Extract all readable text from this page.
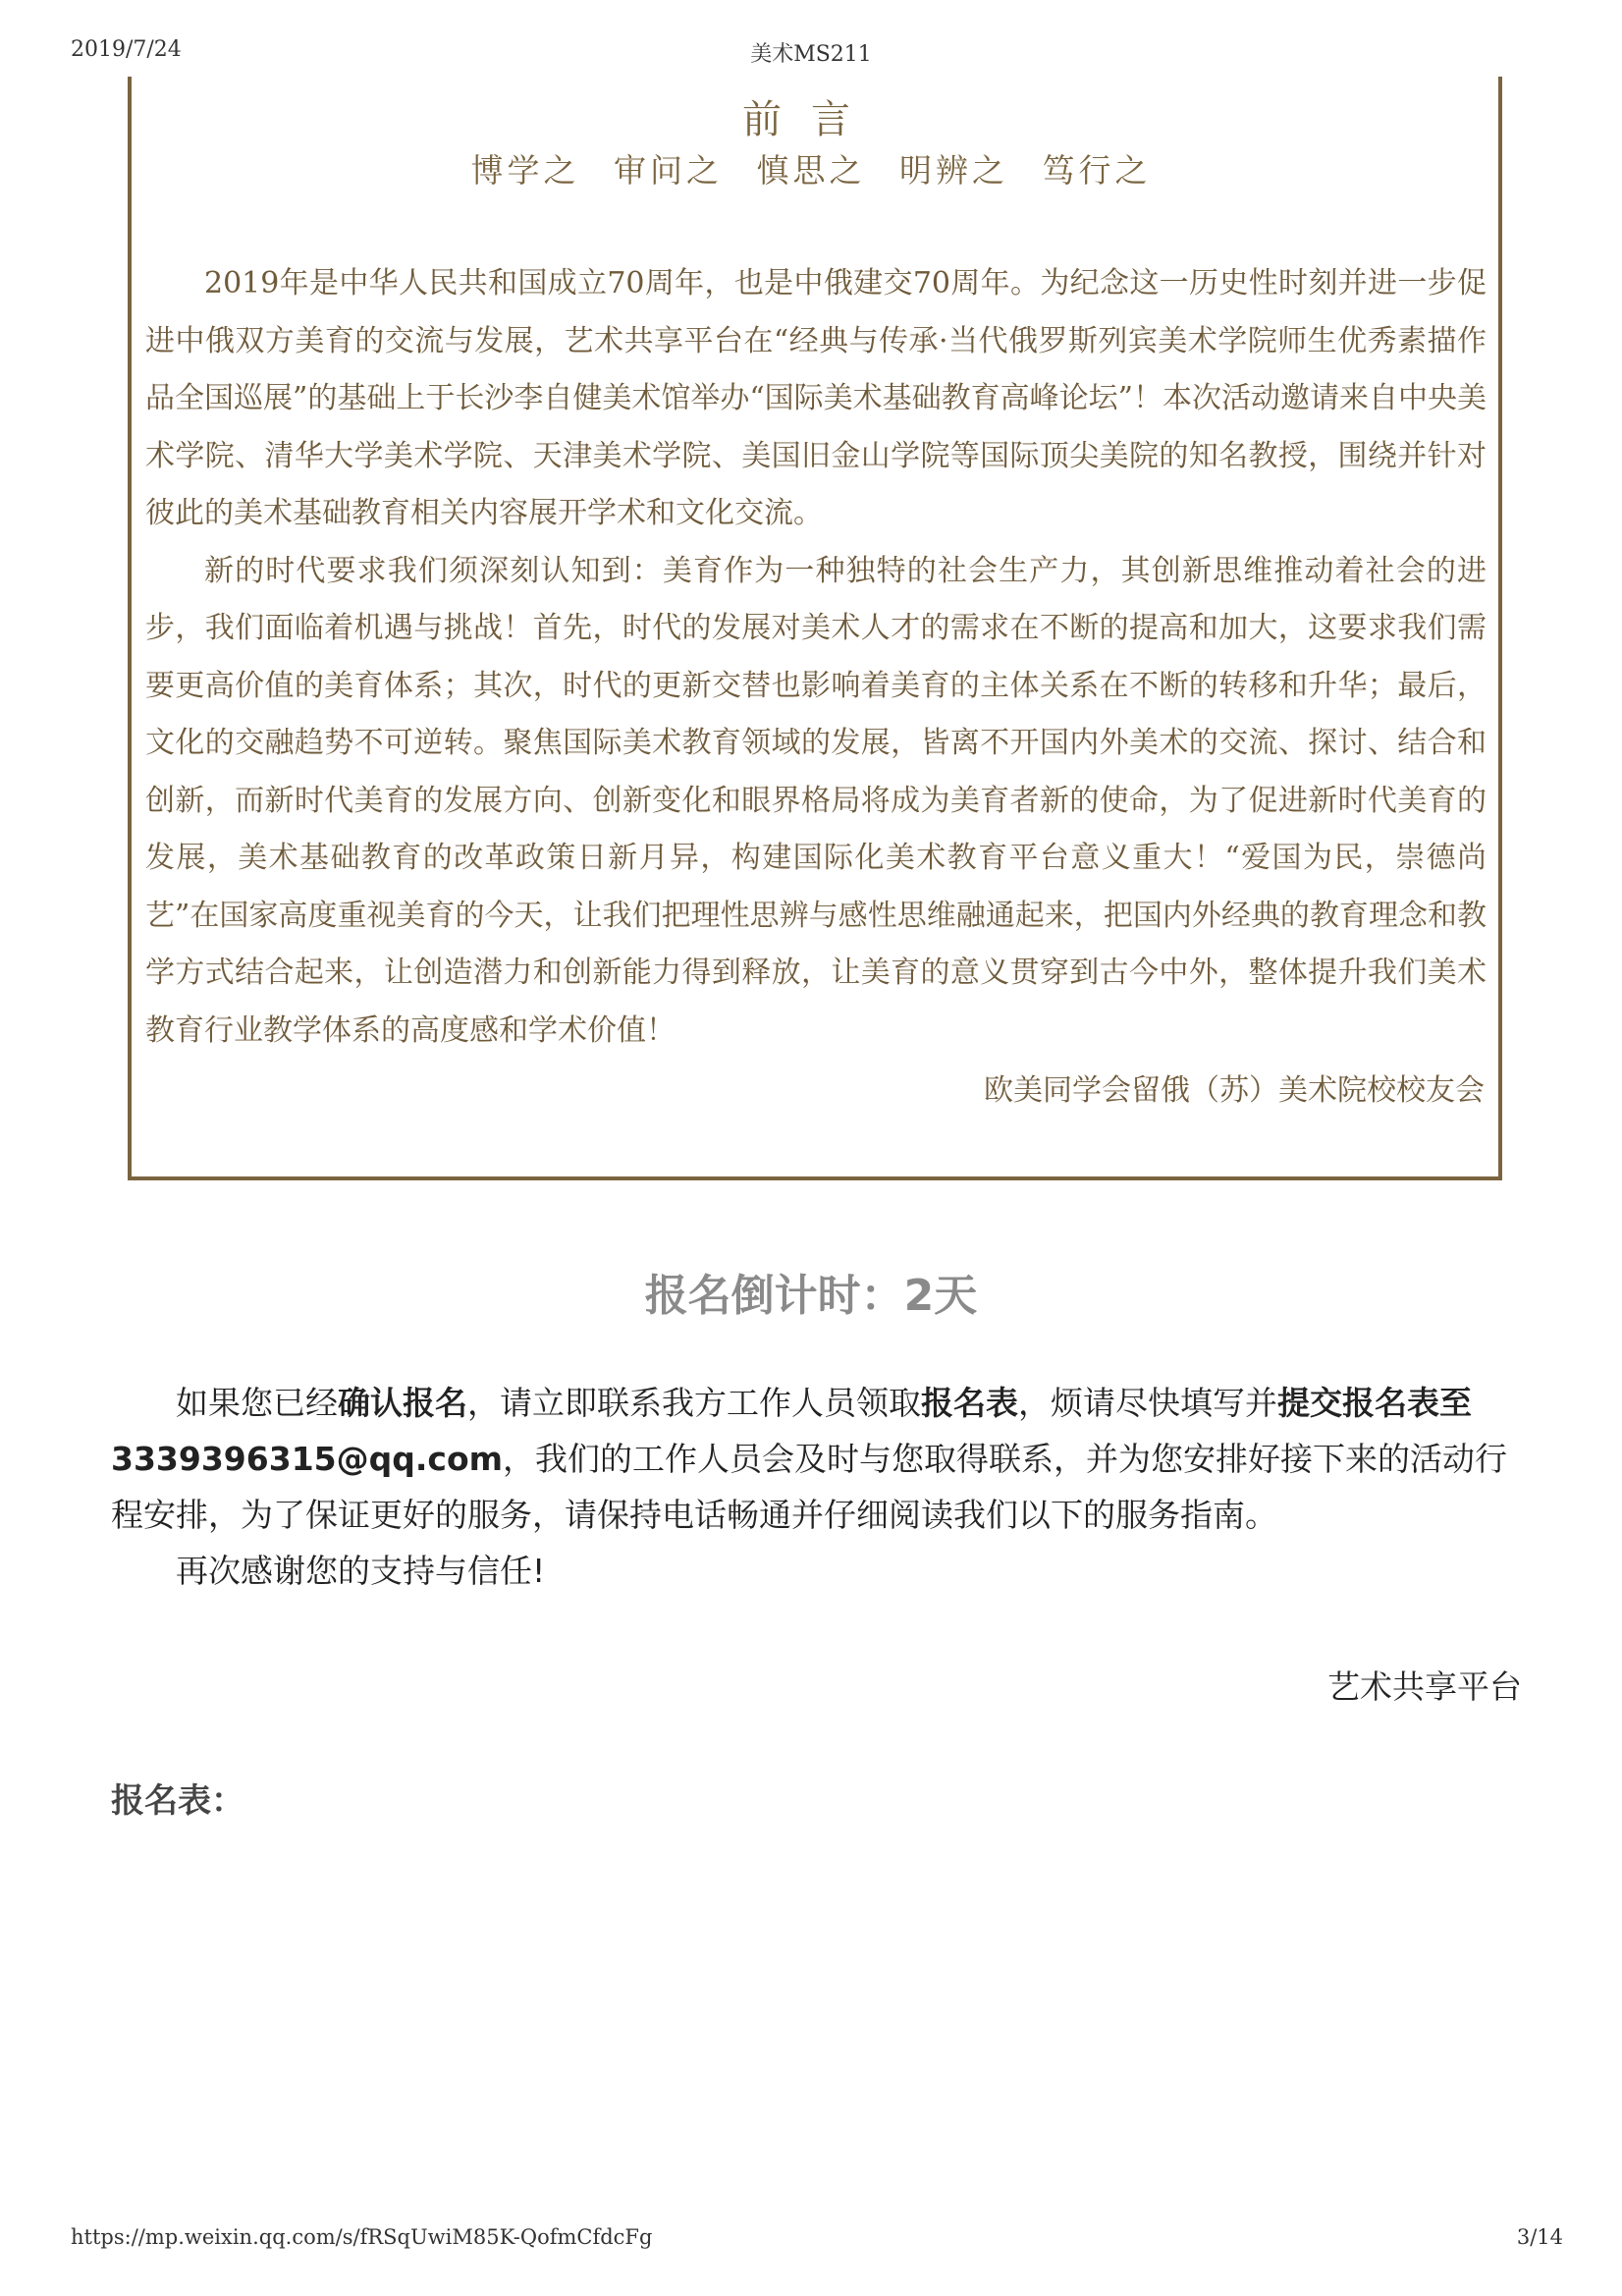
2019/7/24	美术MS211
前言
博学之 审问之 慎思之 明辨之 笃行之

2019年是中华人民共和国成立70周年，也是中俄建交70周年。为纪念这一历史性时刻并进一步促进中俄双方美育的交流与发展，艺术共享平台在“经典与传承·当代俄罗斯列宾美术学院师生优秀素描作品全国巡展”的基础上于长沙李自健美术馆举办“国际美术基础教育高峰论坛”！本次活动邀请来自中央美术学院、清华大学美术学院、天津美术学院、美国旧金山学院等国际顶尖美院的知名教授，围绕并针对彼此的美术基础教育相关内容展开学术和文化交流。

新的时代要求我们须深刻认知到：美育作为一种独特的社会生产力，其创新思维推动着社会的进步，我们面临着机遇与挑战！首先，时代的发展对美术人才的需求在不断的提高和加大，这要求我们需要更高价值的美育体系；其次，时代的更新交替也影响着美育的主体关系在不断的转移和升华；最后，文化的交融趋势不可逆转。聚焦国际美术教育领域的发展，皆离不开国内外美术的交流、探讨、结合和创新，而新时代美育的发展方向、创新变化和眼界格局将成为美育者新的使命，为了促进新时代美育的发展，美术基础教育的改革政策日新月异，构建国际化美术教育平台意义重大！“爱国为民，崇德尚艺”在国家高度重视美育的今天，让我们把理性思辨与感性思维融通起来，把国内外经典的教育理念和教学方式结合起来，让创造潜力和创新能力得到释放，让美育的意义贯穿到古今中外，整体提升我们美术教育行业教学体系的高度感和学术价值！

欧美同学会留俄（苏）美术院校校友会
报名倒计时：2天

如果您已经确认报名，请立即联系我方工作人员领取报名表，烦请尽快填写并提交报名表至3339396315@qq.com，我们的工作人员会及时与您取得联系，并为您安排好接下来的活动行程安排，为了保证更好的服务，请保持电话畅通并仔细阅读我们以下的服务指南。

再次感谢您的支持与信任!

艺术共享平台
报名表：
https://mp.weixin.qq.com/s/fRSqUwiM85K-QofmCfdcFg	3/14
